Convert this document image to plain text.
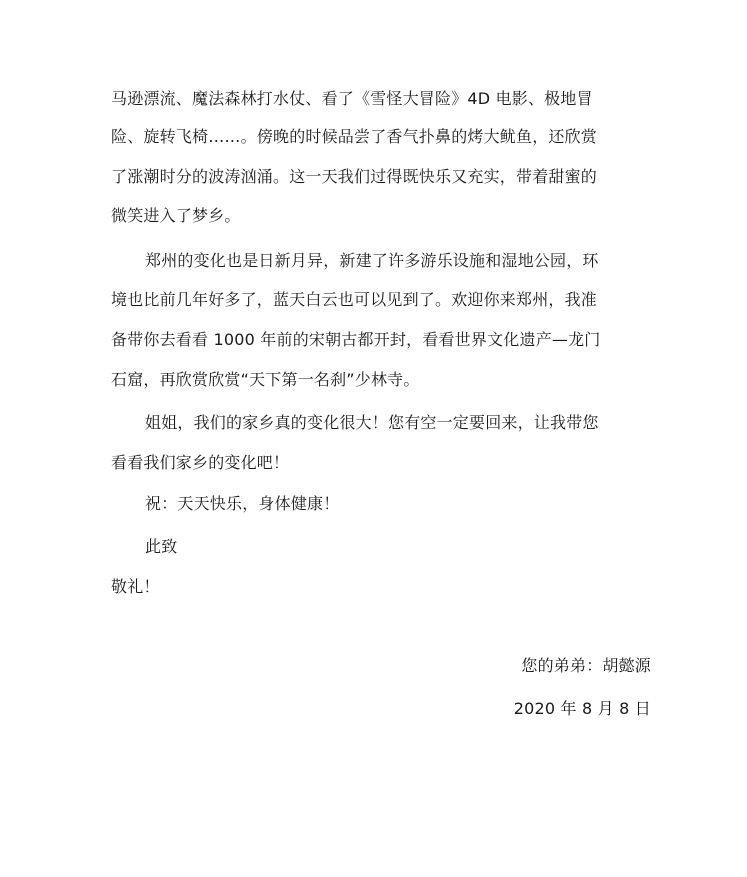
马逊漂流、魔法森林打水仗、看了《雪怪大冒险》4D 电影、极地冒
险、旋转飞椅……。傍晚的时候品尝了香气扑鼻的烤大鱿鱼，还欣赏
了涨潮时分的波涛汹涌。这一天我们过得既快乐又充实，带着甜蜜的
微笑进入了梦乡。
郑州的变化也是日新月异，新建了许多游乐设施和湿地公园，环
境也比前几年好多了，蓝天白云也可以见到了。欢迎你来郑州，我准
备带你去看看 1000 年前的宋朝古都开封，看看世界文化遗产—龙门
石窟，再欣赏欣赏“天下第一名刹”少林寺。
姐姐，我们的家乡真的变化很大！您有空一定要回来，让我带您
看看我们家乡的变化吧！
祝：天天快乐，身体健康！
此致
敬礼！
您的弟弟：胡懿源
2020 年 8 月 8 日
